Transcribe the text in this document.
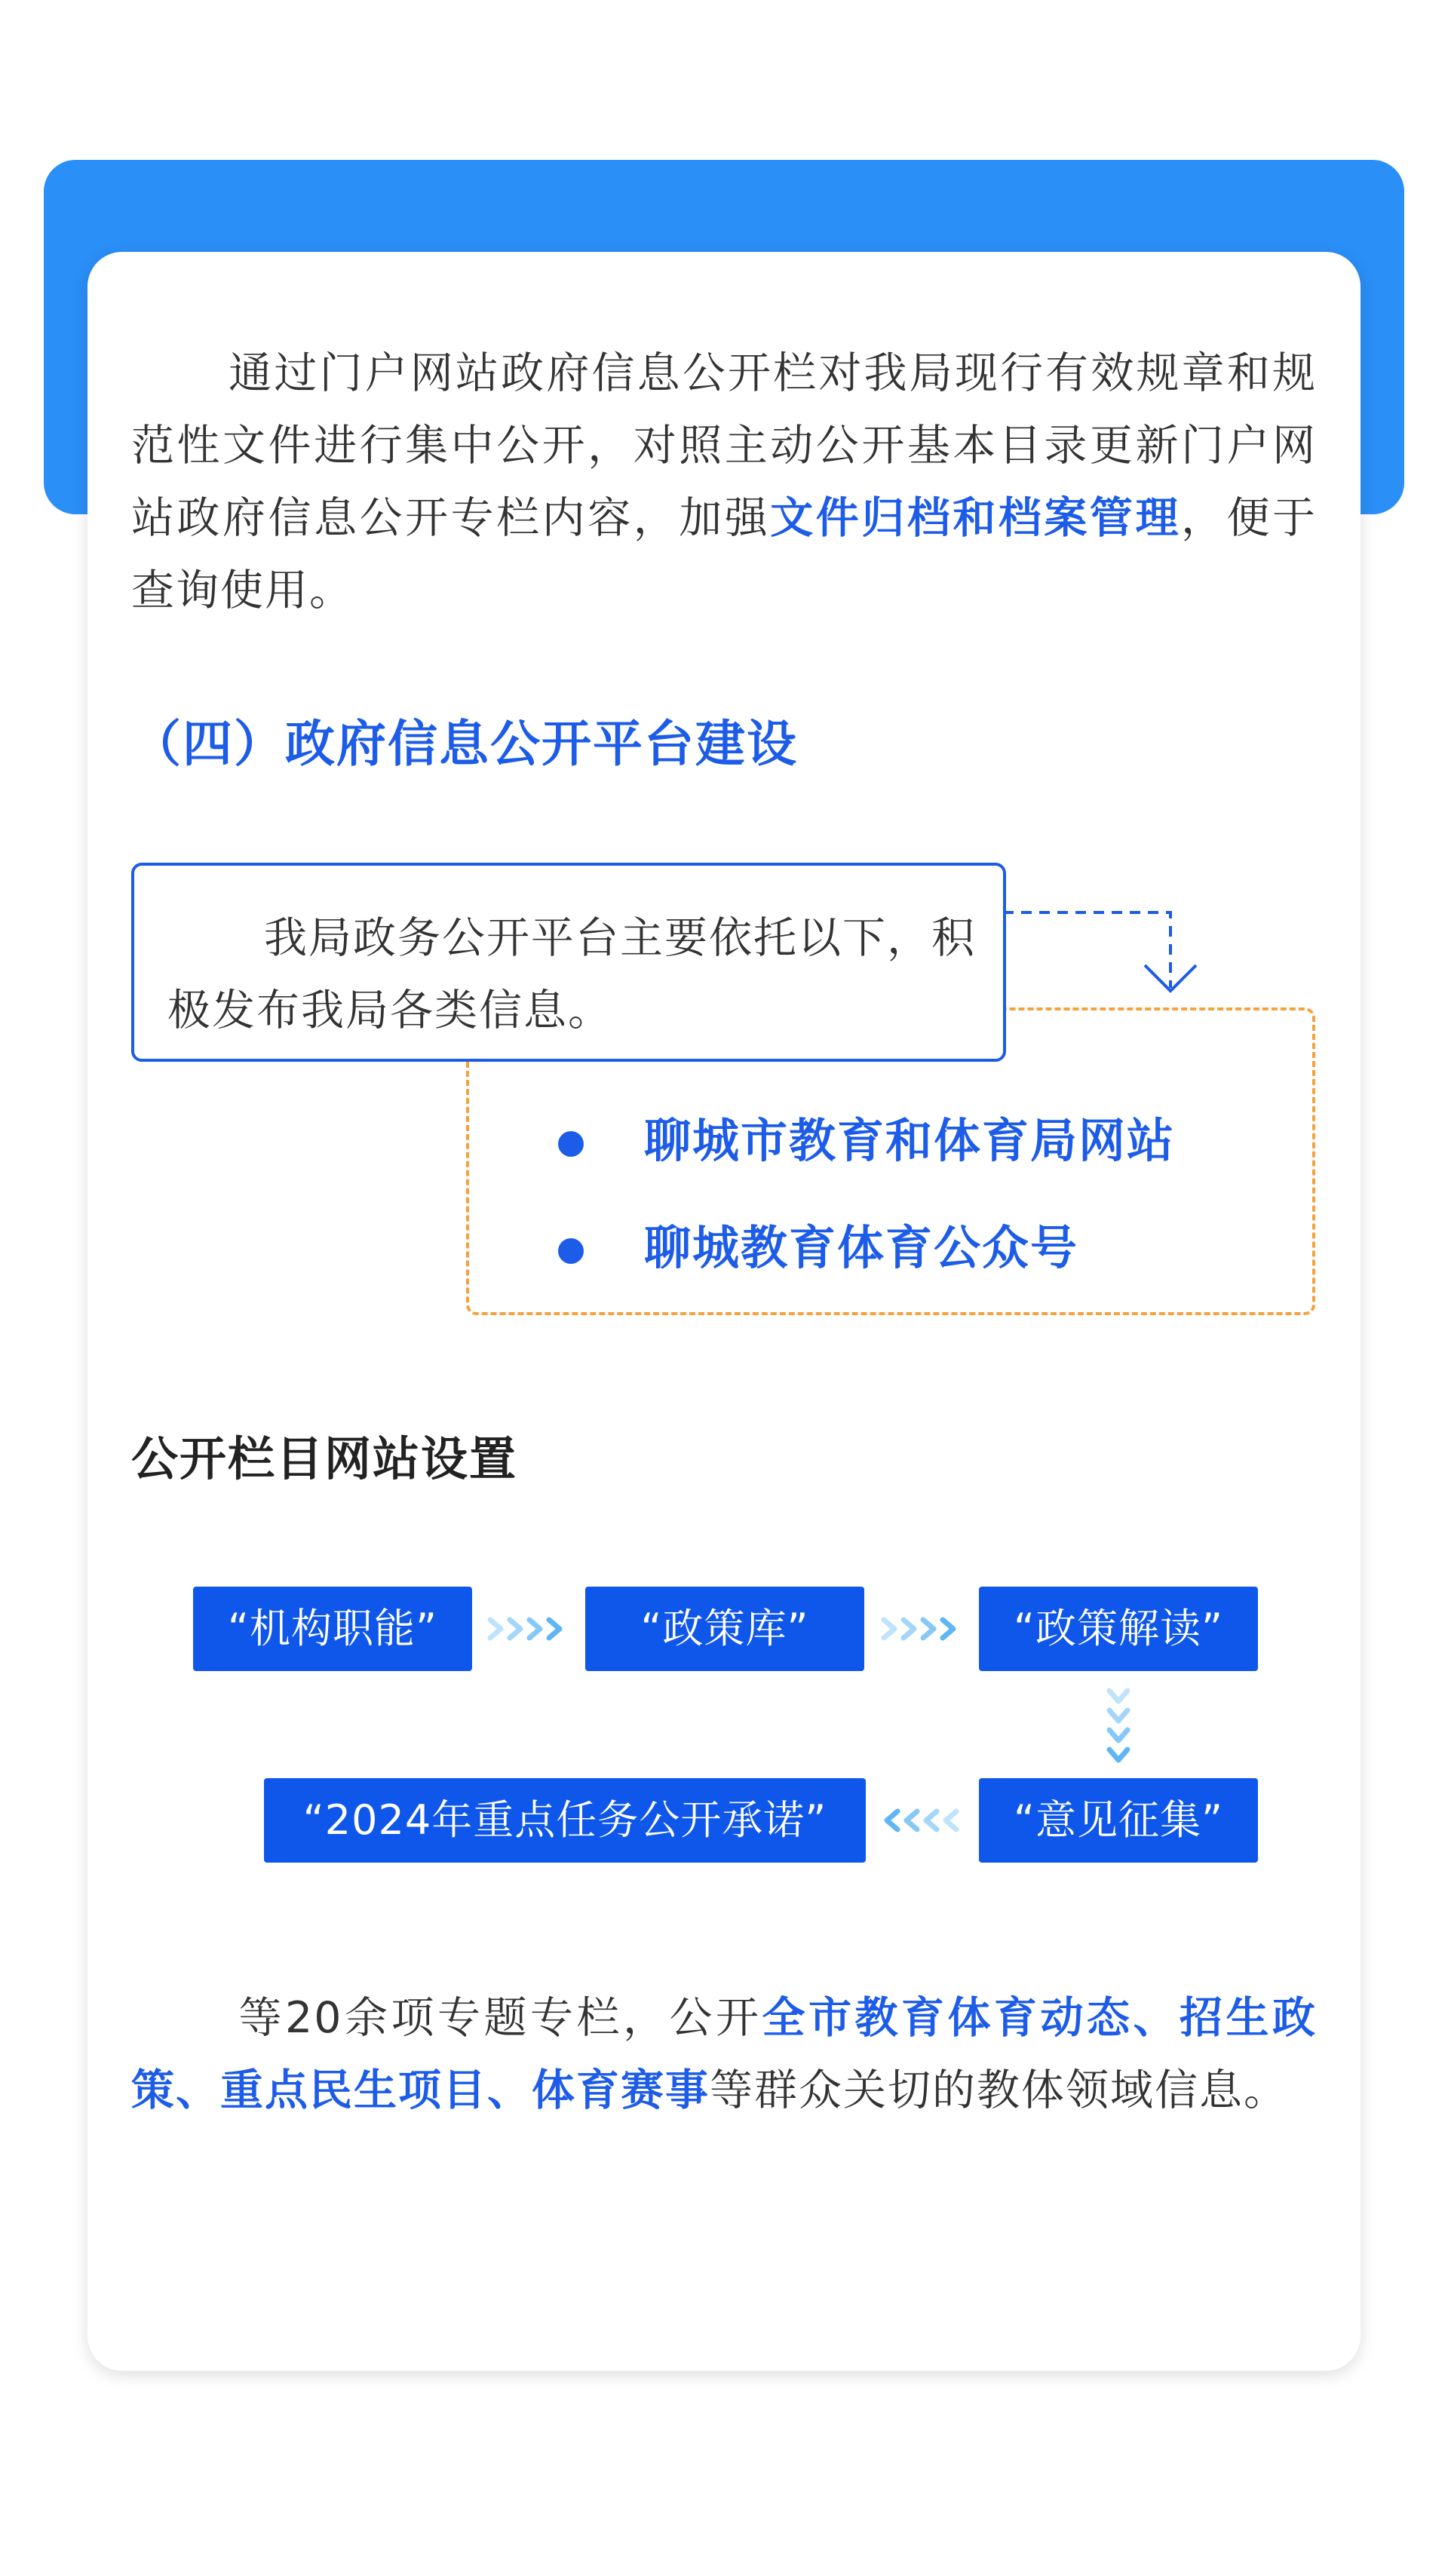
通过门户网站政府信息公开栏对我局现行有效规章和规范性文件进行集中公开，对照主动公开基本目录更新门户网站政府信息公开专栏内容，加强文件归档和档案管理，便于查询使用。

（四）政府信息公开平台建设

我局政务公开平台主要依托以下，积极发布我局各类信息。

聊城市教育和体育局网站
聊城教育体育公众号
公开栏目网站设置
“机构职能”	“政策库”	“政策解读”
“意见征集”
“2024年重点任务公开承诺”

等20余项专题专栏，公开全市教育体育动态、招生政策、重点民生项目、体育赛事等群众关切的教体领域信息。
